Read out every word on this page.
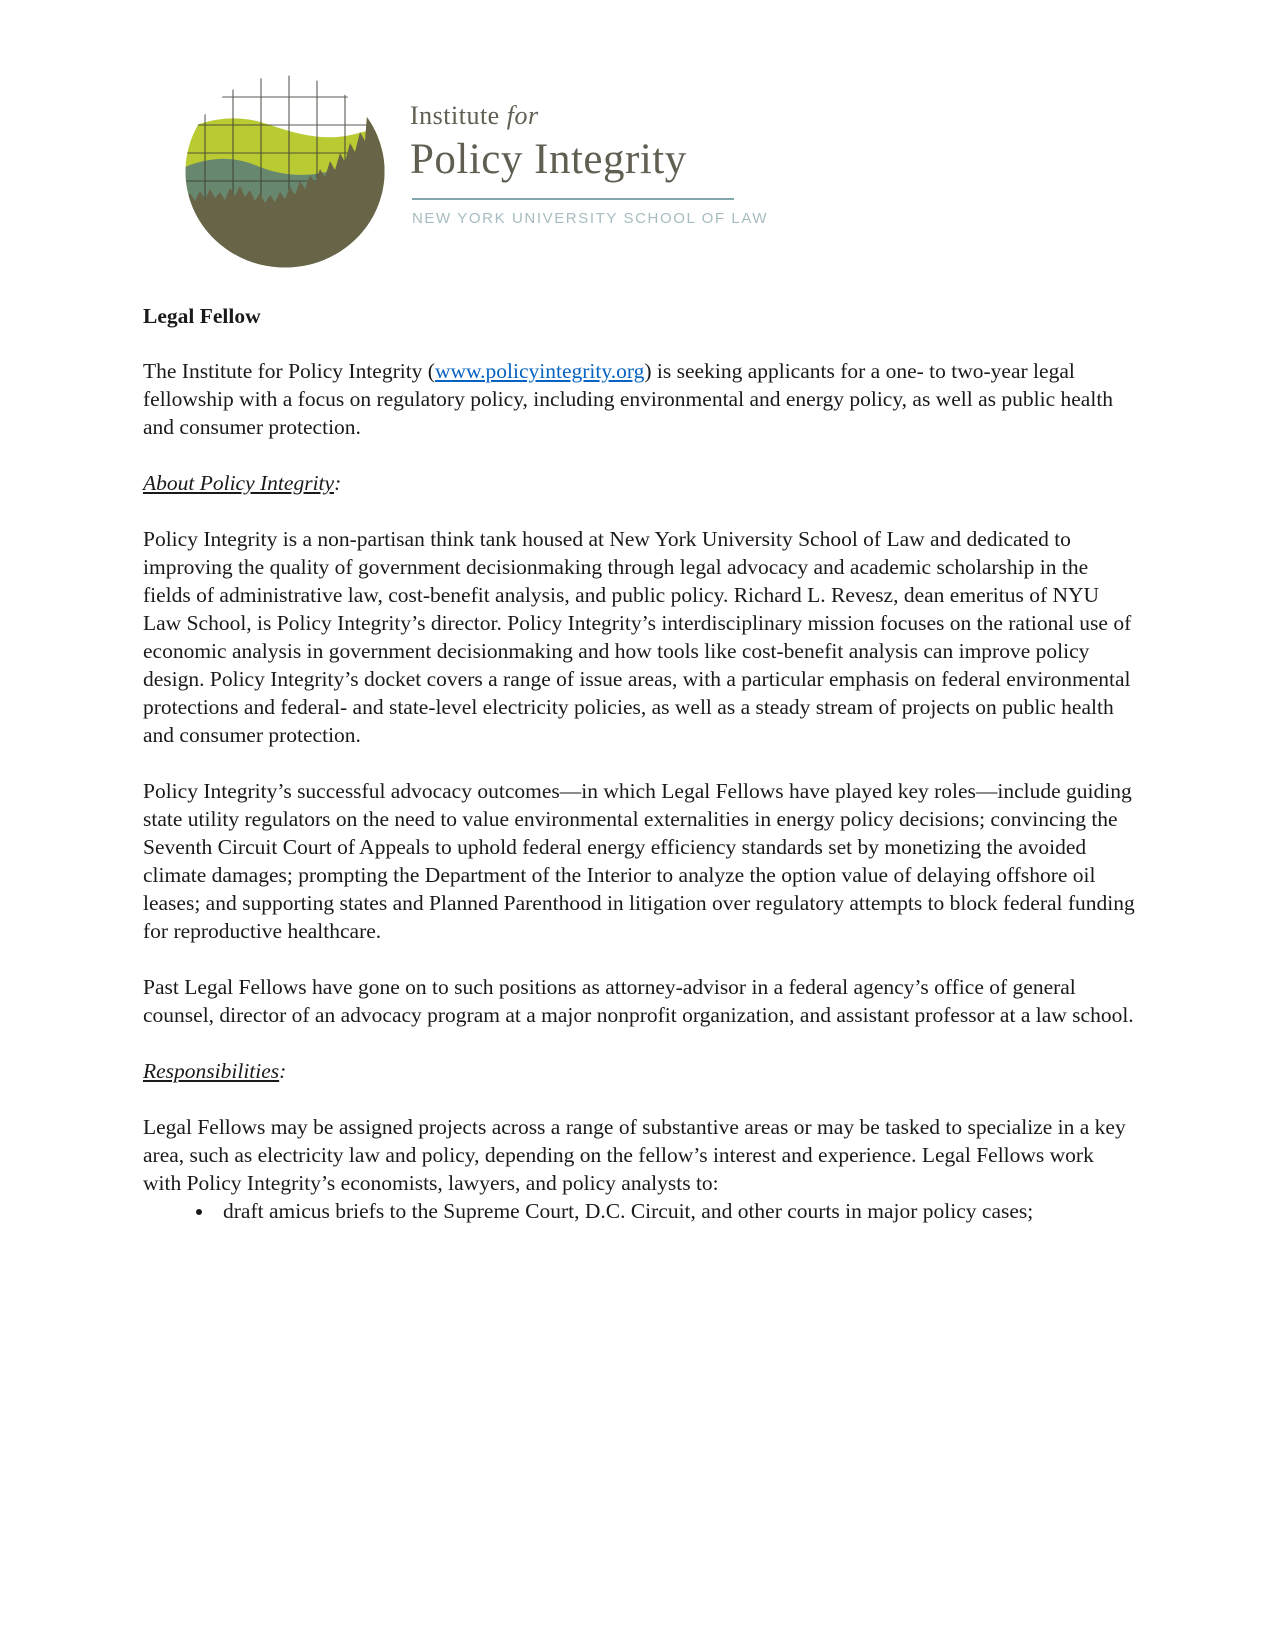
Institute for
Policy Integrity
NEW YORK UNIVERSITY SCHOOL OF LAW
Legal Fellow

The Institute for Policy Integrity (www.policyintegrity.org) is seeking applicants for a one- to two-year legal fellowship with a focus on regulatory policy, including environmental and energy policy, as well as public health and consumer protection.

About Policy Integrity:

Policy Integrity is a non-partisan think tank housed at New York University School of Law and dedicated to improving the quality of government decisionmaking through legal advocacy and academic scholarship in the fields of administrative law, cost-benefit analysis, and public policy. Richard L. Revesz, dean emeritus of NYU Law School, is Policy Integrity’s director. Policy Integrity’s interdisciplinary mission focuses on the rational use of economic analysis in government decisionmaking and how tools like cost-benefit analysis can improve policy design. Policy Integrity’s docket covers a range of issue areas, with a particular emphasis on federal environmental protections and federal- and state-level electricity policies, as well as a steady stream of projects on public health and consumer protection.

Policy Integrity’s successful advocacy outcomes—in which Legal Fellows have played key roles—include guiding state utility regulators on the need to value environmental externalities in energy policy decisions; convincing the Seventh Circuit Court of Appeals to uphold federal energy efficiency standards set by monetizing the avoided climate damages; prompting the Department of the Interior to analyze the option value of delaying offshore oil leases; and supporting states and Planned Parenthood in litigation over regulatory attempts to block federal funding for reproductive healthcare.

Past Legal Fellows have gone on to such positions as attorney-advisor in a federal agency’s office of general counsel, director of an advocacy program at a major nonprofit organization, and assistant professor at a law school.

Responsibilities:

Legal Fellows may be assigned projects across a range of substantive areas or may be tasked to specialize in a key area, such as electricity law and policy, depending on the fellow’s interest and experience. Legal Fellows work with Policy Integrity’s economists, lawyers, and policy analysts to:

• draft amicus briefs to the Supreme Court, D.C. Circuit, and other courts in major policy cases;
